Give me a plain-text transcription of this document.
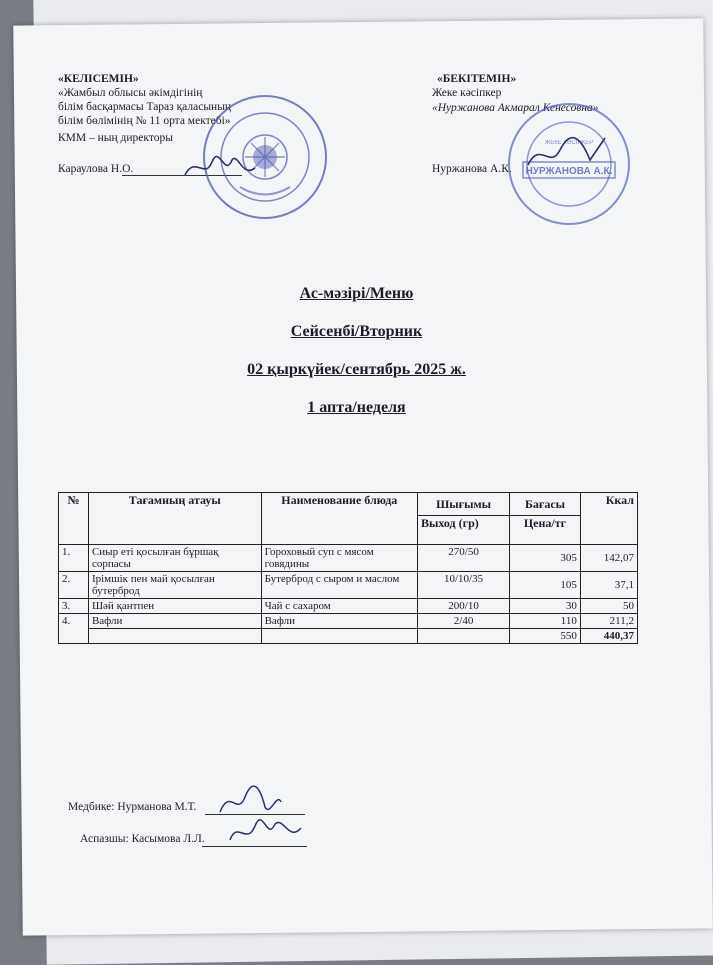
«КЕЛІСЕМІН»
«Жамбыл облысы әкімдігінің
білім басқармасы Тараз қаласының
білім бөлімінің № 11 орта мектебі»
КММ – ның директоры
Караулова Н.О.
«БЕКІТЕМІН»
Жеке кәсіпкер
«Нуржанова Акмарал Кенесовна»
Нуржанова А.К. НУРЖАНОВА А.К.
ЖЕКЕ КӘСІПКЕР
Ас-мәзірі/Меню
Сейсенбі/Вторник
02 қыркүйек/сентябрь 2025 ж.
1 апта/неделя
№	Тағамның атауы	Наименование блюда	Шығымы	Бағасы	Ккал
			Выход (гр)	Цена/тг	
1.	Сиыр еті қосылған бұршақ сорпасы	Гороховый суп с мясом говядины	270/50	305	142,07
2.	Ірімшік пен май қосылған бутерброд	Бутерброд с сыром и маслом	10/10/35	105	37,1
3.	Шәй қантпен	Чай с сахаром	200/10	30	50
4.	Вафли	Вафли	2/40	110	211,2
				550	440,37
Медбике: Нурманова М.Т.
Аспазшы: Касымова Л.Л.
